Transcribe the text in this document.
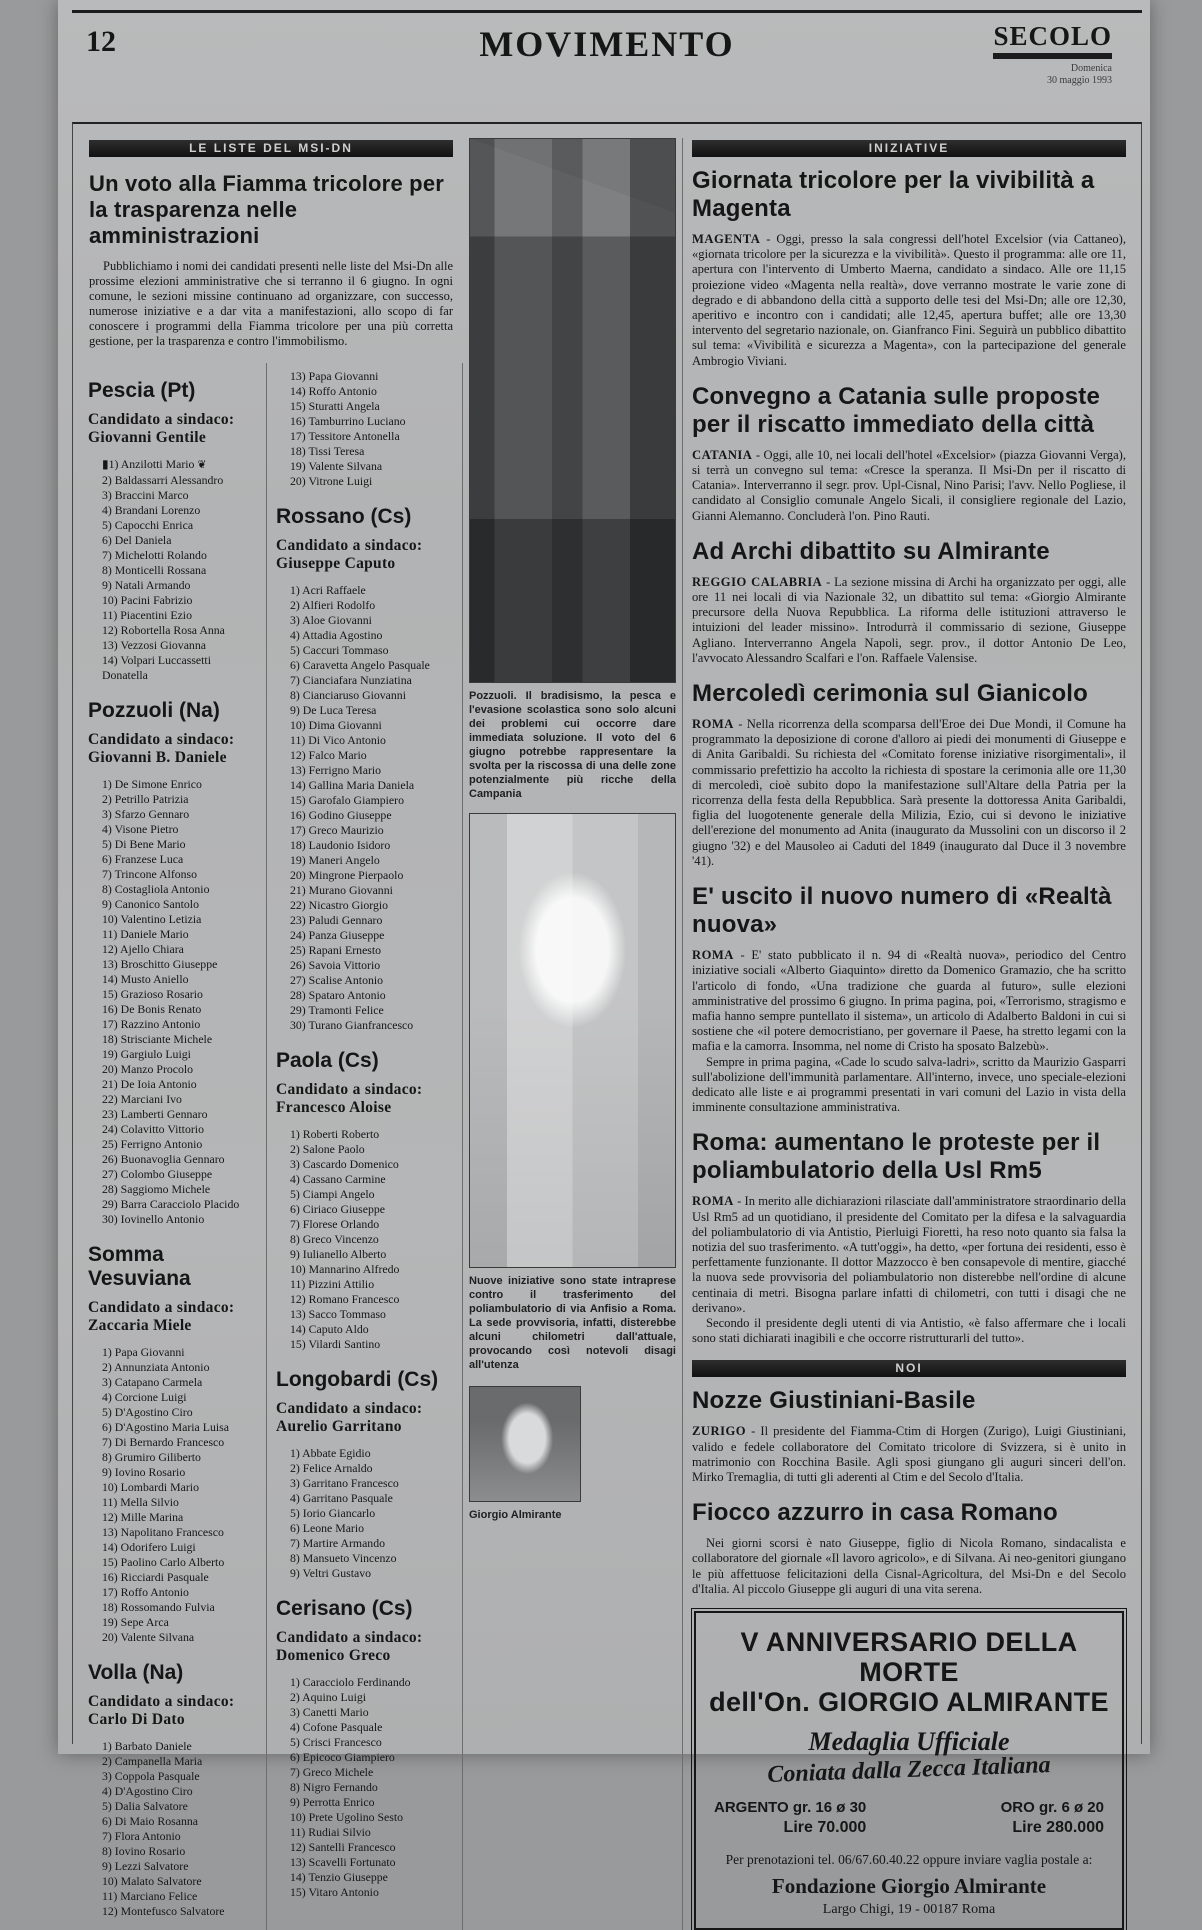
12	MOVIMENTO	SECOLO
Domenica
30 maggio 1993
LE LISTE DEL MSI-DN
Un voto alla Fiamma tricolore per la trasparenza nelle amministrazioni
Pubblichiamo i nomi dei candidati presenti nelle liste del Msi-Dn alle prossime elezioni amministrative che si terranno il 6 giugno. In ogni comune, le sezioni missine continuano ad organizzare, con successo, numerose iniziative e a dar vita a manifestazioni, allo scopo di far conoscere i programmi della Fiamma tricolore per una più corretta gestione, per la trasparenza e contro l'immobilismo.
Pozzuoli. Il bradisismo, la pesca e l'evasione scolastica sono solo alcuni dei problemi cui occorre dare immediata soluzione. Il voto del 6 giugno potrebbe rappresentare la svolta per la riscossa di una delle zone potenzialmente più ricche della Campania
Nuove iniziative sono state intraprese contro il trasferimento del poliambulatorio di via Anfisio a Roma. La sede provvisoria, infatti, disterebbe alcuni chilometri dall'attuale, provocando così notevoli disagi all'utenza
Giorgio Almirante
INIZIATIVE
Giornata tricolore per la vivibilità a Magenta

MAGENTA - Oggi, presso la sala congressi dell'hotel Excelsior (via Cattaneo), «giornata tricolore per la sicurezza e la vivibilità». Questo il programma: alle ore 11, apertura con l'intervento di Umberto Maerna, candidato a sindaco. Alle ore 11,15 proiezione video «Magenta nella realtà», dove verranno mostrate le varie zone di degrado e di abbandono della città a supporto delle tesi del Msi-Dn; alle ore 12,30, aperitivo e incontro con i candidati; alle 12,45, apertura buffet; alle ore 13,30 intervento del segretario nazionale, on. Gianfranco Fini. Seguirà un pubblico dibattito sul tema: «Vivibilità e sicurezza a Magenta», con la partecipazione del generale Ambrogio Viviani.

Convegno a Catania sulle proposte per il riscatto immediato della città

CATANIA - Oggi, alle 10, nei locali dell'hotel «Excelsior» (piazza Giovanni Verga), si terrà un convegno sul tema: «Cresce la speranza. Il Msi-Dn per il riscatto di Catania». Interverranno il segr. prov. Upl-Cisnal, Nino Parisi; l'avv. Nello Pogliese, il candidato al Consiglio comunale Angelo Sicali, il consigliere regionale del Lazio, Gianni Alemanno. Concluderà l'on. Pino Rauti.

Ad Archi dibattito su Almirante

REGGIO CALABRIA - La sezione missina di Archi ha organizzato per oggi, alle ore 11 nei locali di via Nazionale 32, un dibattito sul tema: «Giorgio Almirante precursore della Nuova Repubblica. La riforma delle istituzioni attraverso le intuizioni del leader missino». Introdurrà il commissario di sezione, Giuseppe Agliano. Interverranno Angela Napoli, segr. prov., il dottor Antonio De Leo, l'avvocato Alessandro Scalfari e l'on. Raffaele Valensise.

Mercoledì cerimonia sul Gianicolo

ROMA - Nella ricorrenza della scomparsa dell'Eroe dei Due Mondi, il Comune ha programmato la deposizione di corone d'alloro ai piedi dei monumenti di Giuseppe e di Anita Garibaldi. Su richiesta del «Comitato forense iniziative risorgimentali», il commissario prefettizio ha accolto la richiesta di spostare la cerimonia alle ore 11,30 di mercoledì, cioè subito dopo la manifestazione sull'Altare della Patria per la ricorrenza della festa della Repubblica. Sarà presente la dottoressa Anita Garibaldi, figlia del luogotenente generale della Milizia, Ezio, cui si devono le iniziative dell'erezione del monumento ad Anita (inaugurato da Mussolini con un discorso il 2 giugno '32) e del Mausoleo ai Caduti del 1849 (inaugurato dal Duce il 3 novembre '41).

E' uscito il nuovo numero di «Realtà nuova»

ROMA - E' stato pubblicato il n. 94 di «Realtà nuova», periodico del Centro iniziative sociali «Alberto Giaquinto» diretto da Domenico Gramazio, che ha scritto l'articolo di fondo, «Una tradizione che guarda al futuro», sulle elezioni amministrative del prossimo 6 giugno. In prima pagina, poi, «Terrorismo, stragismo e mafia hanno sempre puntellato il sistema», un articolo di Adalberto Baldoni in cui si sostiene che «il potere democristiano, per governare il Paese, ha stretto legami con la mafia e la camorra. Insomma, nel nome di Cristo ha sposato Balzebù».

Sempre in prima pagina, «Cade lo scudo salva-ladri», scritto da Maurizio Gasparri sull'abolizione dell'immunità parlamentare. All'interno, invece, uno speciale-elezioni dedicato alle liste e ai programmi presentati in vari comuni del Lazio in vista della imminente consultazione amministrativa.

Roma: aumentano le proteste per il poliambulatorio della Usl Rm5

ROMA - In merito alle dichiarazioni rilasciate dall'amministratore straordinario della Usl Rm5 ad un quotidiano, il presidente del Comitato per la difesa e la salvaguardia del poliambulatorio di via Antistio, Pierluigi Fioretti, ha reso noto quanto sia falsa la notizia del suo trasferimento. «A tutt'oggi», ha detto, «per fortuna dei residenti, esso è perfettamente funzionante. Il dottor Mazzocco è ben consapevole di mentire, giacché la nuova sede provvisoria del poliambulatorio non disterebbe nell'ordine di alcune centinaia di metri. Bisogna parlare infatti di chilometri, con tutti i disagi che ne derivano».

Secondo il presidente degli utenti di via Antistio, «è falso affermare che i locali sono stati dichiarati inagibili e che occorre ristrutturarli del tutto».

NOI
Nozze Giustiniani-Basile

ZURIGO - Il presidente del Fiamma-Ctim di Horgen (Zurigo), Luigi Giustiniani, valido e fedele collaboratore del Comitato tricolore di Svizzera, si è unito in matrimonio con Rocchina Basile. Agli sposi giungano gli auguri sinceri dell'on. Mirko Tremaglia, di tutti gli aderenti al Ctim e del Secolo d'Italia.

Fiocco azzurro in casa Romano

Nei giorni scorsi è nato Giuseppe, figlio di Nicola Romano, sindacalista e collaboratore del giornale «Il lavoro agricolo», e di Silvana. Ai neo-genitori giungano le più affettuose felicitazioni della Cisnal-Agricoltura, del Msi-Dn e del Secolo d'Italia. Al piccolo Giuseppe gli auguri di una vita serena.

V ANNIVERSARIO DELLA MORTE
dell'On. GIORGIO ALMIRANTE
Medaglia Ufficiale
Coniata dalla Zecca Italiana
ARGENTO gr. 16 ø 30
Lire 70.000
ORO gr. 6 ø 20
Lire 280.000
Per prenotazioni tel. 06/67.60.40.22 oppure inviare vaglia postale a:
Fondazione Giorgio Almirante
Largo Chigi, 19 - 00187 Roma
Pescia (Pt)
Candidato a sindaco:
Giovanni Gentile
▮ 1) Anzilotti Mario ❦
2) Baldassarri Alessandro
3) Braccini Marco
4) Brandani Lorenzo
5) Capocchi Enrica
6) Del Daniela
7) Michelotti Rolando
8) Monticelli Rossana
9) Natali Armando
10) Pacini Fabrizio
11) Piacentini Ezio
12) Robortella Rosa Anna
13) Vezzosi Giovanna
14) Volpari Luccassetti Donatella
Pozzuoli (Na)
Candidato a sindaco:
Giovanni B. Daniele
1) De Simone Enrico
2) Petrillo Patrizia
3) Sfarzo Gennaro
4) Visone Pietro
5) Di Bene Mario
6) Franzese Luca
7) Trincone Alfonso
8) Costagliola Antonio
9) Canonico Santolo
10) Valentino Letizia
11) Daniele Mario
12) Ajello Chiara
13) Broschitto Giuseppe
14) Musto Aniello
15) Grazioso Rosario
16) De Bonis Renato
17) Razzino Antonio
18) Strisciante Michele
19) Gargiulo Luigi
20) Manzo Procolo
21) De Ioia Antonio
22) Marciani Ivo
23) Lamberti Gennaro
24) Colavitto Vittorio
25) Ferrigno Antonio
26) Buonavoglia Gennaro
27) Colombo Giuseppe
28) Saggiomo Michele
29) Barra Caracciolo Placido
30) Iovinello Antonio
Somma Vesuviana
Candidato a sindaco:
Zaccaria Miele
1) Papa Giovanni
2) Annunziata Antonio
3) Catapano Carmela
4) Corcione Luigi
5) D'Agostino Ciro
6) D'Agostino Maria Luisa
7) Di Bernardo Francesco
8) Grumiro Giliberto
9) Iovino Rosario
10) Lombardi Mario
11) Mella Silvio
12) Mille Marina
13) Napolitano Francesco
14) Odorifero Luigi
15) Paolino Carlo Alberto
16) Ricciardi Pasquale
17) Roffo Antonio
18) Rossomando Fulvia
19) Sepe Arca
20) Valente Silvana
Volla (Na)
Candidato a sindaco:
Carlo Di Dato
1) Barbato Daniele
2) Campanella Maria
3) Coppola Pasquale
4) D'Agostino Ciro
5) Dalia Salvatore
6) Di Maio Rosanna
7) Flora Antonio
8) Iovino Rosario
9) Lezzi Salvatore
10) Malato Salvatore
11) Marciano Felice
12) Montefusco Salvatore
13) Papa Giovanni
14) Roffo Antonio
15) Sturatti Angela
16) Tamburrino Luciano
17) Tessitore Antonella
18) Tissi Teresa
19) Valente Silvana
20) Vitrone Luigi
Rossano (Cs)
Candidato a sindaco:
Giuseppe Caputo
1) Acri Raffaele
2) Alfieri Rodolfo
3) Aloe Giovanni
4) Attadia Agostino
5) Caccuri Tommaso
6) Caravetta Angelo Pasquale
7) Cianciafara Nunziatina
8) Cianciaruso Giovanni
9) De Luca Teresa
10) Dima Giovanni
11) Di Vico Antonio
12) Falco Mario
13) Ferrigno Mario
14) Gallina Maria Daniela
15) Garofalo Giampiero
16) Godino Giuseppe
17) Greco Maurizio
18) Laudonio Isidoro
19) Maneri Angelo
20) Mingrone Pierpaolo
21) Murano Giovanni
22) Nicastro Giorgio
23) Paludi Gennaro
24) Panza Giuseppe
25) Rapani Ernesto
26) Savoia Vittorio
27) Scalise Antonio
28) Spataro Antonio
29) Tramonti Felice
30) Turano Gianfrancesco
Paola (Cs)
Candidato a sindaco:
Francesco Aloise
1) Roberti Roberto
2) Salone Paolo
3) Cascardo Domenico
4) Cassano Carmine
5) Ciampi Angelo
6) Ciriaco Giuseppe
7) Florese Orlando
8) Greco Vincenzo
9) Iulianello Alberto
10) Mannarino Alfredo
11) Pizzini Attilio
12) Romano Francesco
13) Sacco Tommaso
14) Caputo Aldo
15) Vilardi Santino
Longobardi (Cs)
Candidato a sindaco:
Aurelio Garritano
1) Abbate Egidio
2) Felice Arnaldo
3) Garritano Francesco
4) Garritano Pasquale
5) Iorio Giancarlo
6) Leone Mario
7) Martire Armando
8) Mansueto Vincenzo
9) Veltri Gustavo
Cerisano (Cs)
Candidato a sindaco:
Domenico Greco
1) Caracciolo Ferdinando
2) Aquino Luigi
3) Canetti Mario
4) Cofone Pasquale
5) Crisci Francesco
6) Epicoco Giampiero
7) Greco Michele
8) Nigro Fernando
9) Perrotta Enrico
10) Prete Ugolino Sesto
11) Rudiai Silvio
12) Santelli Francesco
13) Scavelli Fortunato
14) Tenzio Giuseppe
15) Vitaro Antonio
